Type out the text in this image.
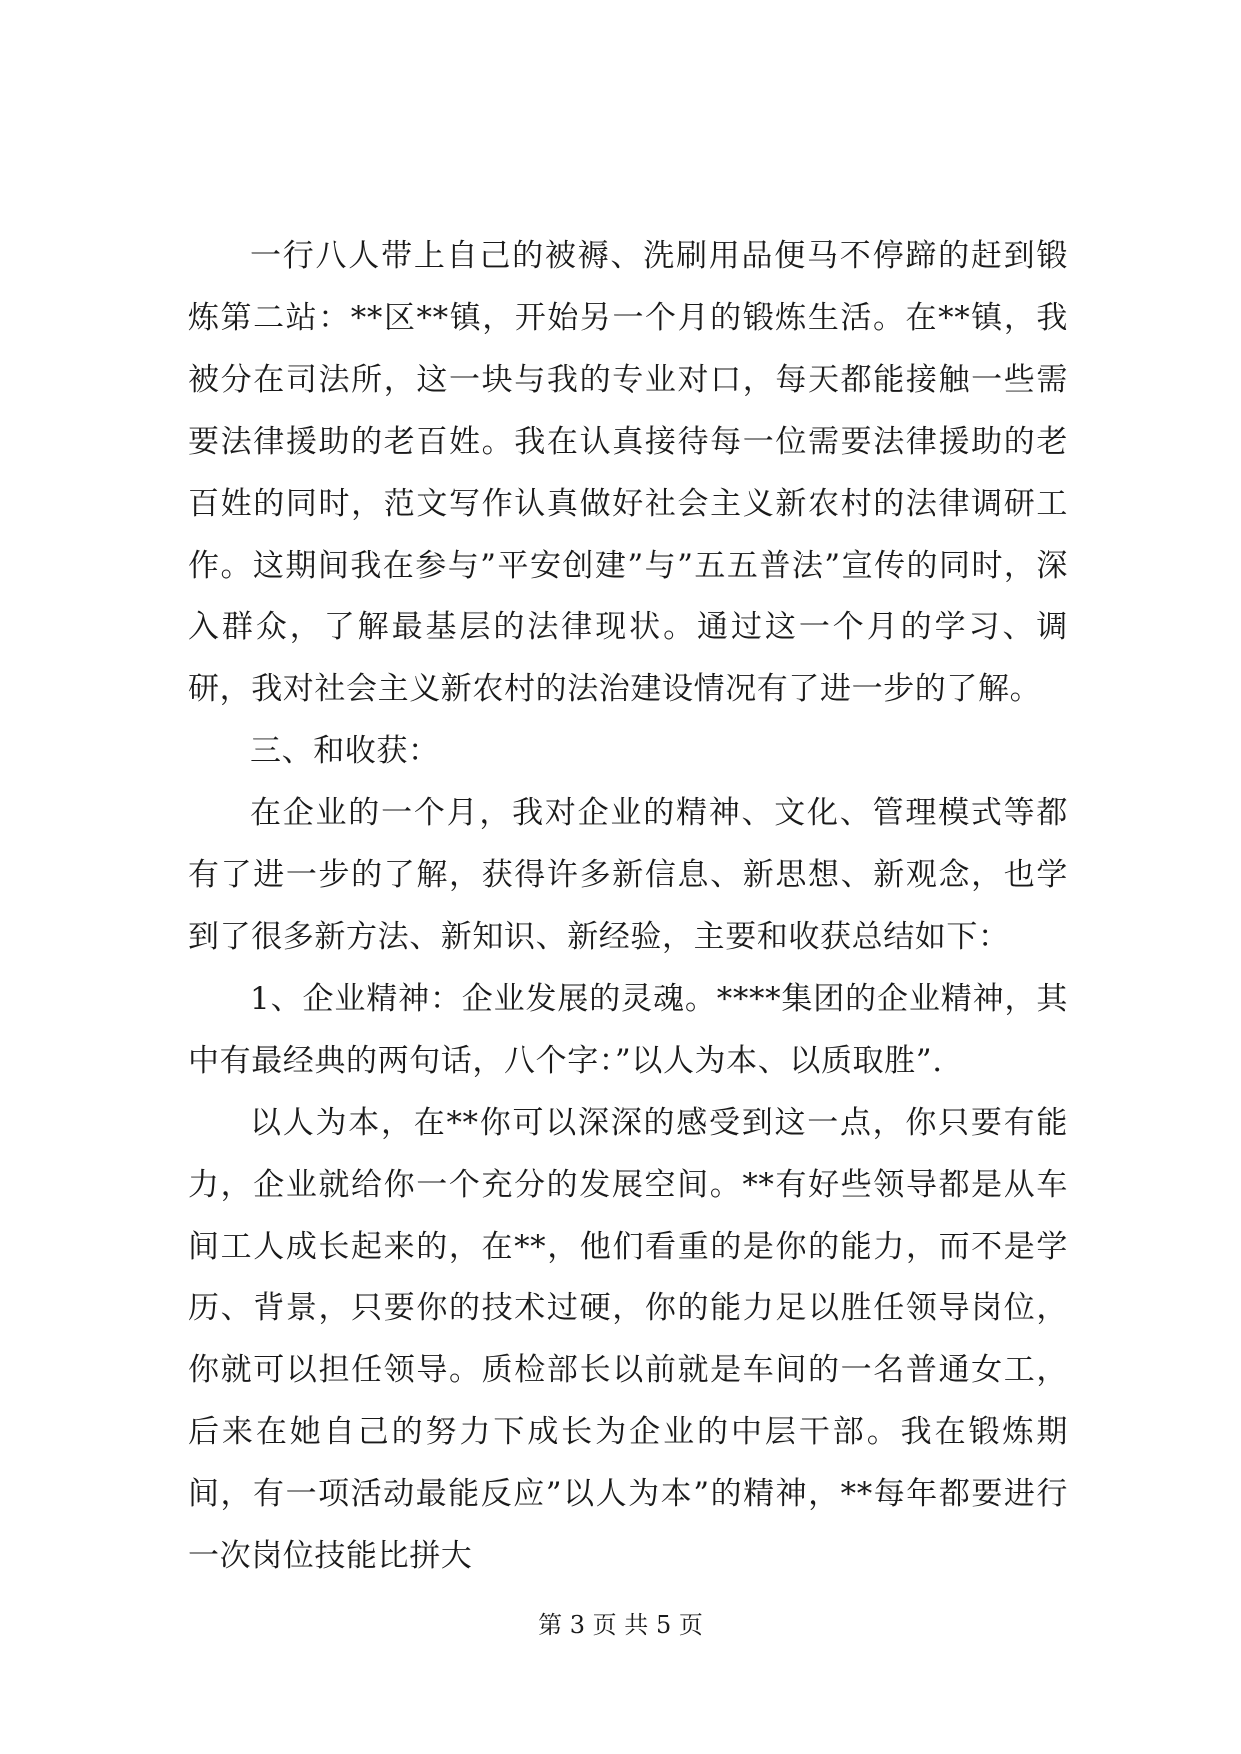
一行八人带上自己的被褥、洗刷用品便马不停蹄的赶到锻炼第二站：**区**镇，开始另一个月的锻炼生活。在**镇，我被分在司法所，这一块与我的专业对口，每天都能接触一些需要法律援助的老百姓。我在认真接待每一位需要法律援助的老百姓的同时，范文写作认真做好社会主义新农村的法律调研工作。这期间我在参与”平安创建”与”五五普法”宣传的同时，深入群众，了解最基层的法律现状。通过这一个月的学习、调研，我对社会主义新农村的法治建设情况有了进一步的了解。

三、和收获：

在企业的一个月，我对企业的精神、文化、管理模式等都有了进一步的了解，获得许多新信息、新思想、新观念，也学到了很多新方法、新知识、新经验，主要和收获总结如下：

1、企业精神：企业发展的灵魂。****集团的企业精神，其中有最经典的两句话，八个字：”以人为本、以质取胜”.

以人为本，在**你可以深深的感受到这一点，你只要有能力，企业就给你一个充分的发展空间。**有好些领导都是从车间工人成长起来的，在**，他们看重的是你的能力，而不是学历、背景，只要你的技术过硬，你的能力足以胜任领导岗位，你就可以担任领导。质检部长以前就是车间的一名普通女工，后来在她自己的努力下成长为企业的中层干部。我在锻炼期间，有一项活动最能反应”以人为本”的精神，**每年都要进行一次岗位技能比拼大

第 3 页 共 5 页
